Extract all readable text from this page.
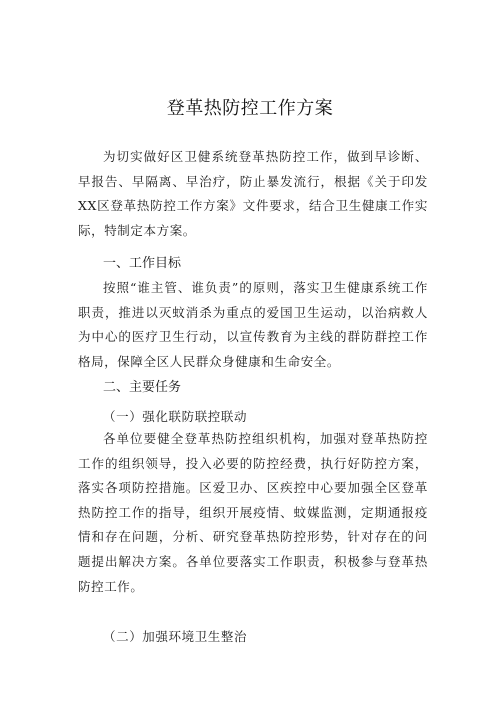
登革热防控工作方案

为切实做好区卫健系统登革热防控工作，做到早诊断、早报告、早隔离、早治疗，防止暴发流行，根据《关于印发XX区登革热防控工作方案》文件要求，结合卫生健康工作实际，特制定本方案。

一、工作目标

按照“谁主管、谁负责”的原则，落实卫生健康系统工作职责，推进以灭蚊消杀为重点的爱国卫生运动，以治病救人为中心的医疗卫生行动，以宣传教育为主线的群防群控工作格局，保障全区人民群众身健康和生命安全。

二、主要任务
（一）强化联防联控联动

各单位要健全登革热防控组织机构，加强对登革热防控工作的组织领导，投入必要的防控经费，执行好防控方案，落实各项防控措施。区爱卫办、区疾控中心要加强全区登革热防控工作的指导，组织开展疫情、蚊媒监测，定期通报疫情和存在问题，分析、研究登革热防控形势，针对存在的问题提出解决方案。各单位要落实工作职责，积极参与登革热防控工作。

（二）加强环境卫生整治
